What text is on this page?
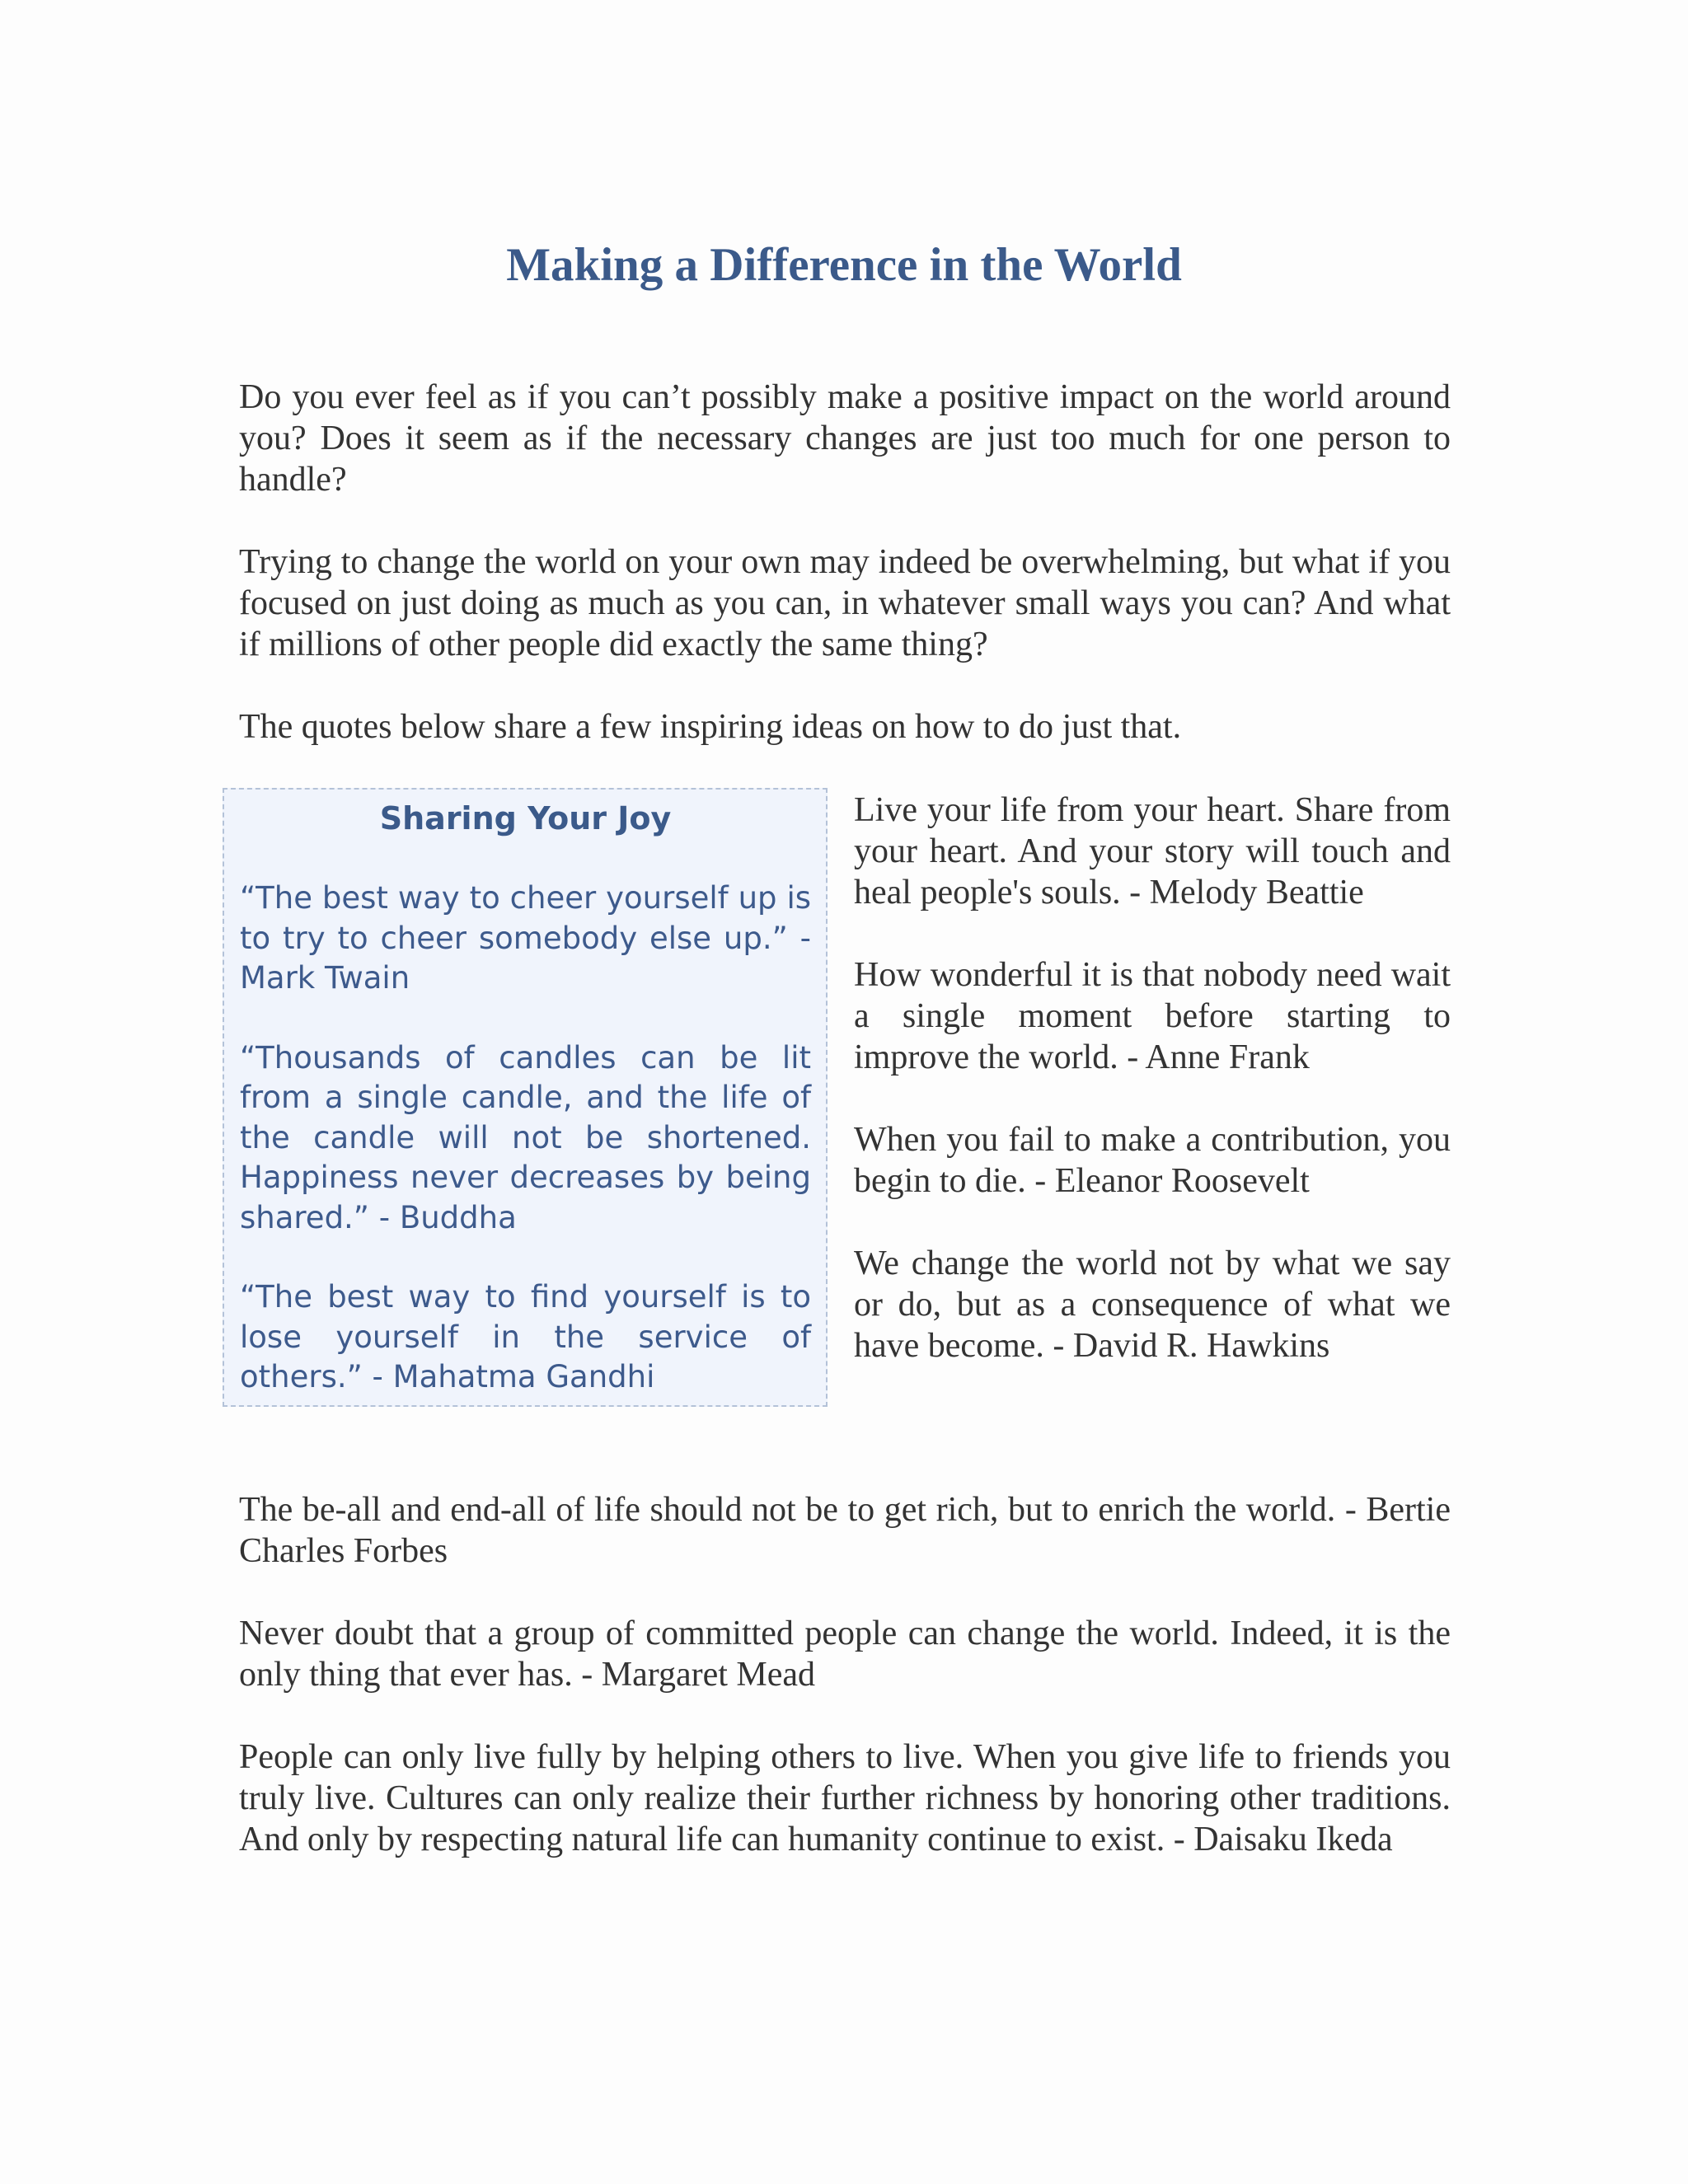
Making a Difference in the World

Do you ever feel as if you can’t possibly make a positive impact on the world around you? Does it seem as if the necessary changes are just too much for one person to handle?

Trying to change the world on your own may indeed be overwhelming, but what if you focused on just doing as much as you can, in whatever small ways you can? And what if millions of other people did exactly the same thing?

The quotes below share a few inspiring ideas on how to do just that.

Sharing Your Joy

“The best way to cheer yourself up is to try to cheer somebody else up.” - Mark Twain

“Thousands of candles can be lit from a single candle, and the life of the candle will not be shortened. Happiness never decreases by being shared.” - Buddha

“The best way to find yourself is to lose yourself in the service of others.” - Mahatma Gandhi

Live your life from your heart. Share from your heart. And your story will touch and heal people's souls. - Melody Beattie

How wonderful it is that nobody need wait a single moment before starting to improve the world. - Anne Frank

When you fail to make a contribution, you begin to die. - Eleanor Roosevelt

We change the world not by what we say or do, but as a consequence of what we have become. - David R. Hawkins

The be-all and end-all of life should not be to get rich, but to enrich the world. - Bertie Charles Forbes

Never doubt that a group of committed people can change the world. Indeed, it is the only thing that ever has. - Margaret Mead

People can only live fully by helping others to live. When you give life to friends you truly live. Cultures can only realize their further richness by honoring other traditions. And only by respecting natural life can humanity continue to exist. - Daisaku Ikeda
